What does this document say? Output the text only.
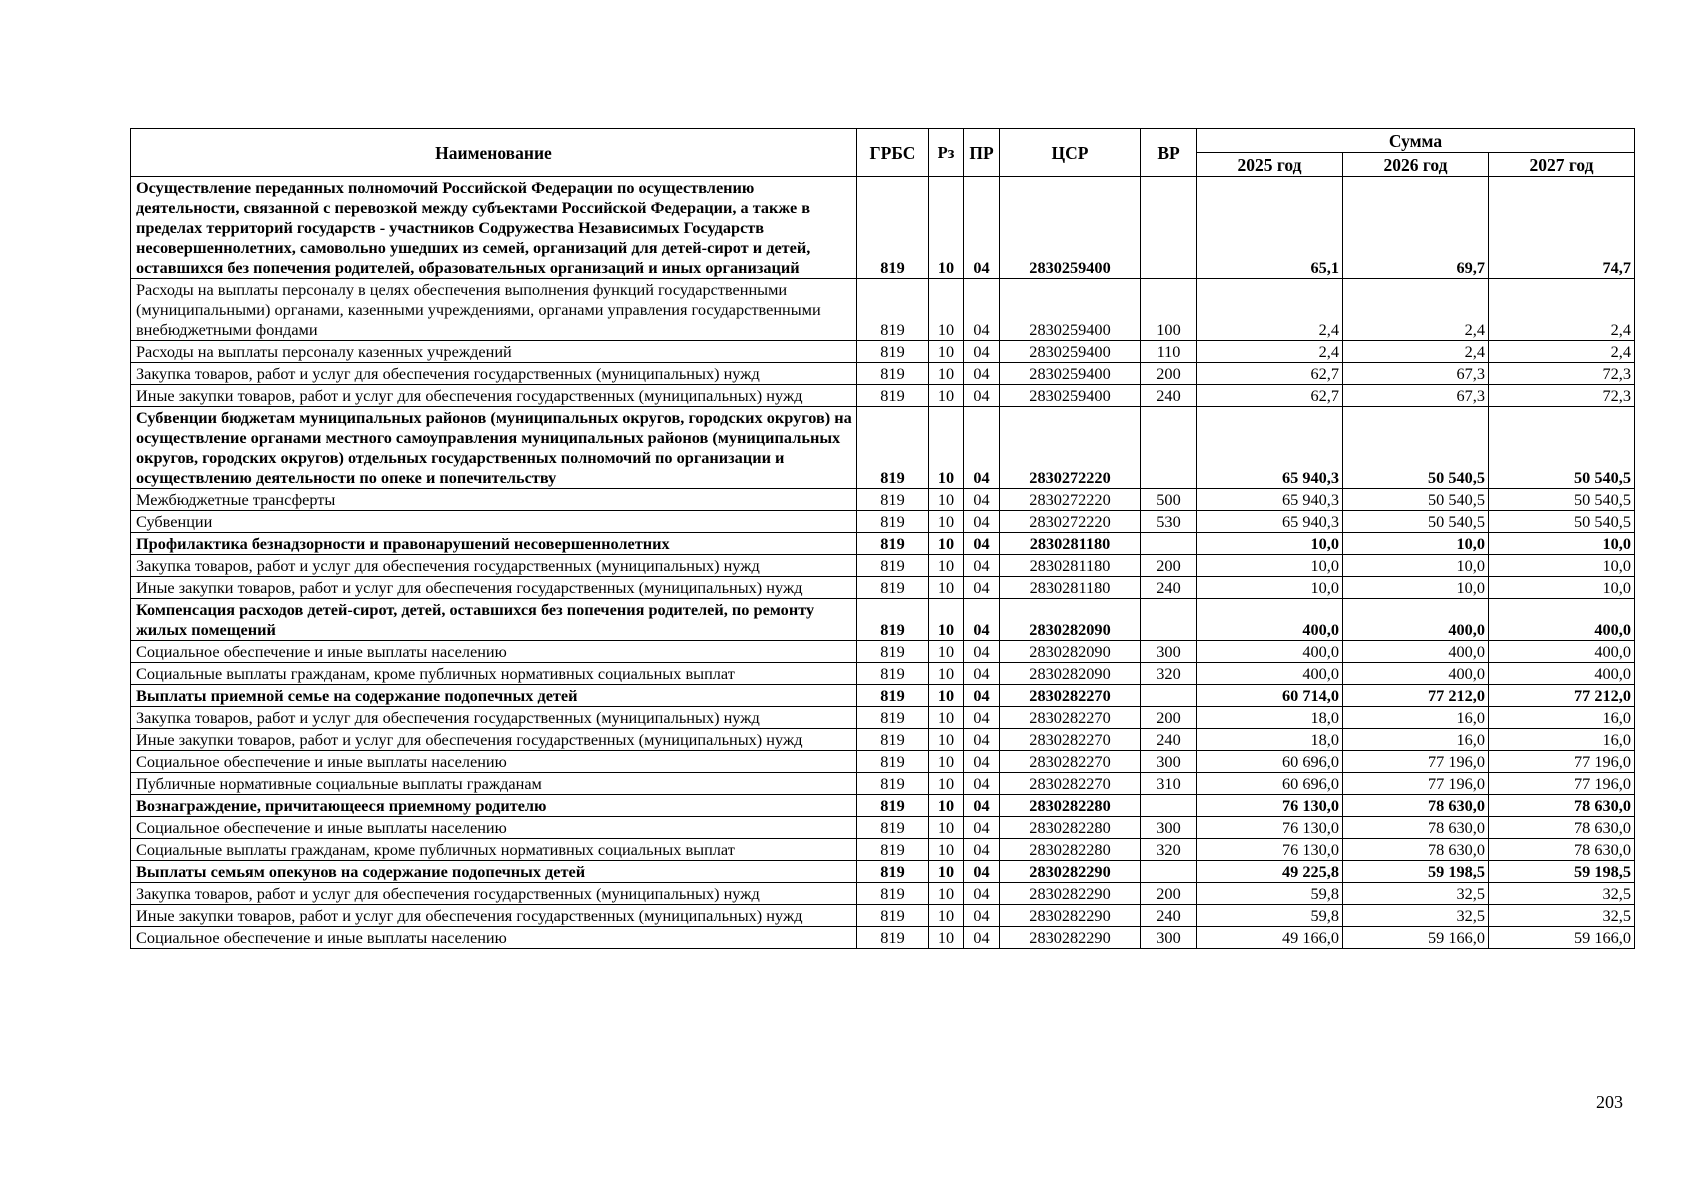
Наименование	ГРБС	Рз	ПР	ЦСР	ВР	Сумма		
						2025 год	2026 год	2027 год
Осуществление переданных полномочий Российской Федерации по осуществлению деятельности, связанной с перевозкой между субъектами Российской Федерации, а также в пределах территорий государств - участников Содружества Независимых Государств несовершеннолетних, самовольно ушедших из семей, организаций для детей-сирот и детей, оставшихся без попечения родителей, образовательных организаций и иных организаций	819	10	04	2830259400		65,1	69,7	74,7
Расходы на выплаты персоналу в целях обеспечения выполнения функций государственными (муниципальными) органами, казенными учреждениями, органами управления государственными внебюджетными фондами	819	10	04	2830259400	100	2,4	2,4	2,4
Расходы на выплаты персоналу казенных учреждений	819	10	04	2830259400	110	2,4	2,4	2,4
Закупка товаров, работ и услуг для обеспечения государственных (муниципальных) нужд	819	10	04	2830259400	200	62,7	67,3	72,3
Иные закупки товаров, работ и услуг для обеспечения государственных (муниципальных) нужд	819	10	04	2830259400	240	62,7	67,3	72,3
Субвенции бюджетам муниципальных районов (муниципальных округов, городских округов) на осуществление органами местного самоуправления муниципальных районов (муниципальных округов, городских округов) отдельных государственных полномочий по организации и осуществлению деятельности по опеке и попечительству	819	10	04	2830272220		65 940,3	50 540,5	50 540,5
Межбюджетные трансферты	819	10	04	2830272220	500	65 940,3	50 540,5	50 540,5
Субвенции	819	10	04	2830272220	530	65 940,3	50 540,5	50 540,5
Профилактика безнадзорности и правонарушений несовершеннолетних	819	10	04	2830281180		10,0	10,0	10,0
Закупка товаров, работ и услуг для обеспечения государственных (муниципальных) нужд	819	10	04	2830281180	200	10,0	10,0	10,0
Иные закупки товаров, работ и услуг для обеспечения государственных (муниципальных) нужд	819	10	04	2830281180	240	10,0	10,0	10,0
Компенсация расходов детей-сирот, детей, оставшихся без попечения родителей, по ремонту жилых помещений	819	10	04	2830282090		400,0	400,0	400,0
Социальное обеспечение и иные выплаты населению	819	10	04	2830282090	300	400,0	400,0	400,0
Социальные выплаты гражданам, кроме публичных нормативных социальных выплат	819	10	04	2830282090	320	400,0	400,0	400,0
Выплаты приемной семье на содержание подопечных детей	819	10	04	2830282270		60 714,0	77 212,0	77 212,0
Закупка товаров, работ и услуг для обеспечения государственных (муниципальных) нужд	819	10	04	2830282270	200	18,0	16,0	16,0
Иные закупки товаров, работ и услуг для обеспечения государственных (муниципальных) нужд	819	10	04	2830282270	240	18,0	16,0	16,0
Социальное обеспечение и иные выплаты населению	819	10	04	2830282270	300	60 696,0	77 196,0	77 196,0
Публичные нормативные социальные выплаты гражданам	819	10	04	2830282270	310	60 696,0	77 196,0	77 196,0
Вознаграждение, причитающееся приемному родителю	819	10	04	2830282280		76 130,0	78 630,0	78 630,0
Социальное обеспечение и иные выплаты населению	819	10	04	2830282280	300	76 130,0	78 630,0	78 630,0
Социальные выплаты гражданам, кроме публичных нормативных социальных выплат	819	10	04	2830282280	320	76 130,0	78 630,0	78 630,0
Выплаты семьям опекунов на содержание подопечных детей	819	10	04	2830282290		49 225,8	59 198,5	59 198,5
Закупка товаров, работ и услуг для обеспечения государственных (муниципальных) нужд	819	10	04	2830282290	200	59,8	32,5	32,5
Иные закупки товаров, работ и услуг для обеспечения государственных (муниципальных) нужд	819	10	04	2830282290	240	59,8	32,5	32,5
Социальное обеспечение и иные выплаты населению	819	10	04	2830282290	300	49 166,0	59 166,0	59 166,0
203
